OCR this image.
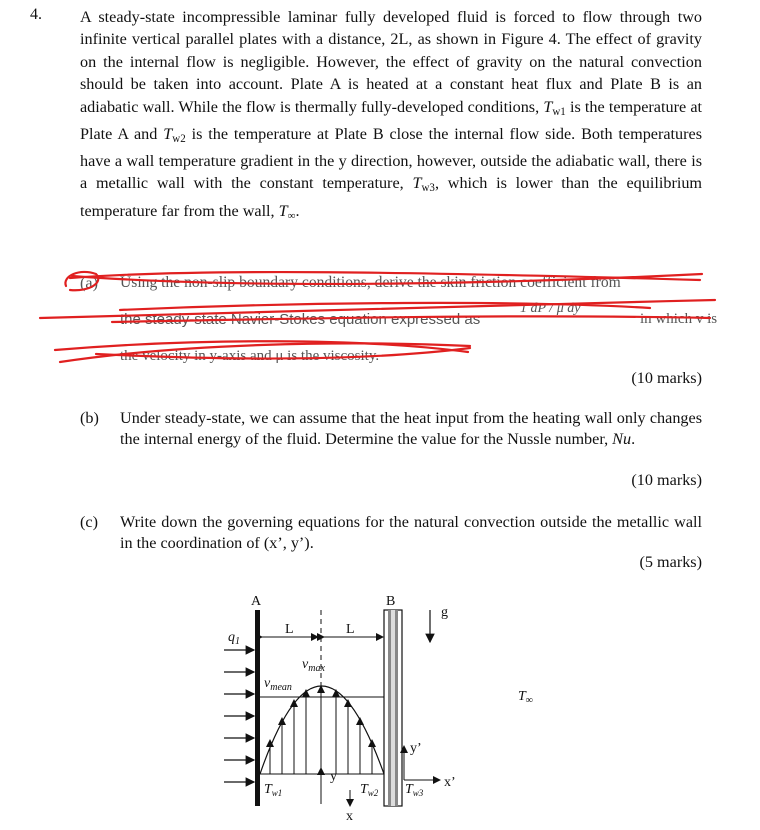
4. A steady-state incompressible laminar fully developed fluid is forced to flow through two infinite vertical parallel plates with a distance, 2L, as shown in Figure 4. The effect of gravity on the internal flow is negligible. However, the effect of gravity on the natural convection should be taken into account. Plate A is heated at a constant heat flux and Plate B is an adiabatic wall. While the flow is thermally fully-developed conditions, $T_{w1}$ is the temperature at Plate A and $T_{w2}$ is the temperature at Plate B close the internal flow side. Both temperatures have a wall temperature gradient in the y direction, however, outside the adiabatic wall, there is a metallic wall with the constant temperature, $T_{w3}$, which is lower than the equilibrium temperature far from the wall, $T_\infty$.

(a) Using the non-slip boundary conditions, derive the skin friction coefficient from
the steady-state Navier-Stokes equation expressed as
1 dP / μ dy
in which v is
the velocity in y-axis and μ is the viscosity.
(10 marks)
(b) Under steady-state, we can assume that the heat input from the heating wall only changes the internal energy of the fluid. Determine the value for the Nussle number, Nu.
(10 marks)
(c) Write down the governing equations for the natural convection outside the metallic wall in the coordination of (x’, y’).
(5 marks)
A	B
L	L
$q_1$
g
$v_{max}$
$v_{mean}$
y
x
y’
x’
$T_\infty$
$T_{w1}$	$T_{w2}$ $T_{w3}$
